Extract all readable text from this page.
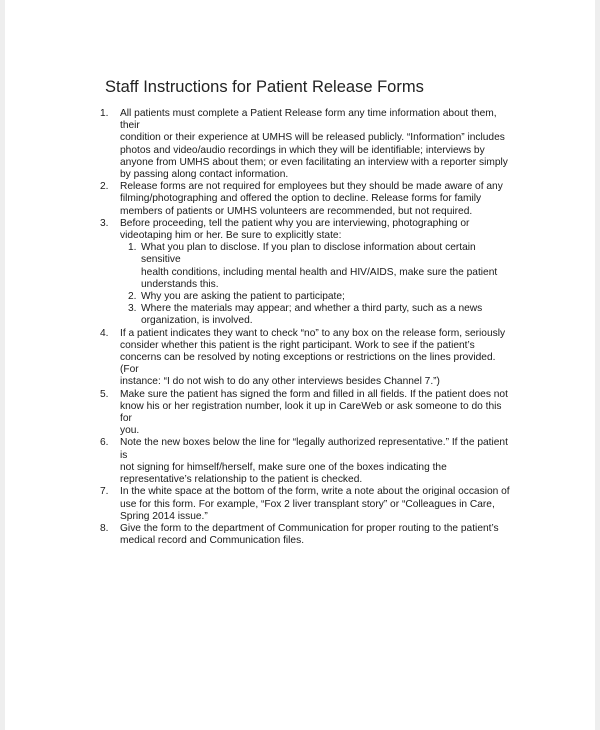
Staff Instructions for Patient Release Forms
1.	All patients must complete a Patient Release form any time information about them, their
condition or their experience at UMHS will be released publicly. “Information” includes
photos and video/audio recordings in which they will be identifiable; interviews by
anyone from UMHS about them; or even facilitating an interview with a reporter simply
by passing along contact information.
2.	Release forms are not required for employees but they should be made aware of any
filming/photographing and offered the option to decline. Release forms for family
members of patients or UMHS volunteers are recommended, but not required.
3.	Before proceeding, tell the patient why you are interviewing, photographing or
videotaping him or her. Be sure to explicitly state:
1. What you plan to disclose. If you plan to disclose information about certain sensitive
health conditions, including mental health and HIV/AIDS, make sure the patient
understands this.
2. Why you are asking the patient to participate;
3. Where the materials may appear; and whether a third party, such as a news
organization, is involved.
4.	If a patient indicates they want to check “no” to any box on the release form, seriously
consider whether this patient is the right participant. Work to see if the patient’s
concerns can be resolved by noting exceptions or restrictions on the lines provided. (For
instance: “I do not wish to do any other interviews besides Channel 7.”)
5.	Make sure the patient has signed the form and filled in all fields. If the patient does not
know his or her registration number, look it up in CareWeb or ask someone to do this for
you.
6.	Note the new boxes below the line for “legally authorized representative.” If the patient is
not signing for himself/herself, make sure one of the boxes indicating the
representative’s relationship to the patient is checked.
7.	In the white space at the bottom of the form, write a note about the original occasion of
use for this form. For example, “Fox 2 liver transplant story” or “Colleagues in Care,
Spring 2014 issue.”
8.	Give the form to the department of Communication for proper routing to the patient’s
medical record and Communication files.
